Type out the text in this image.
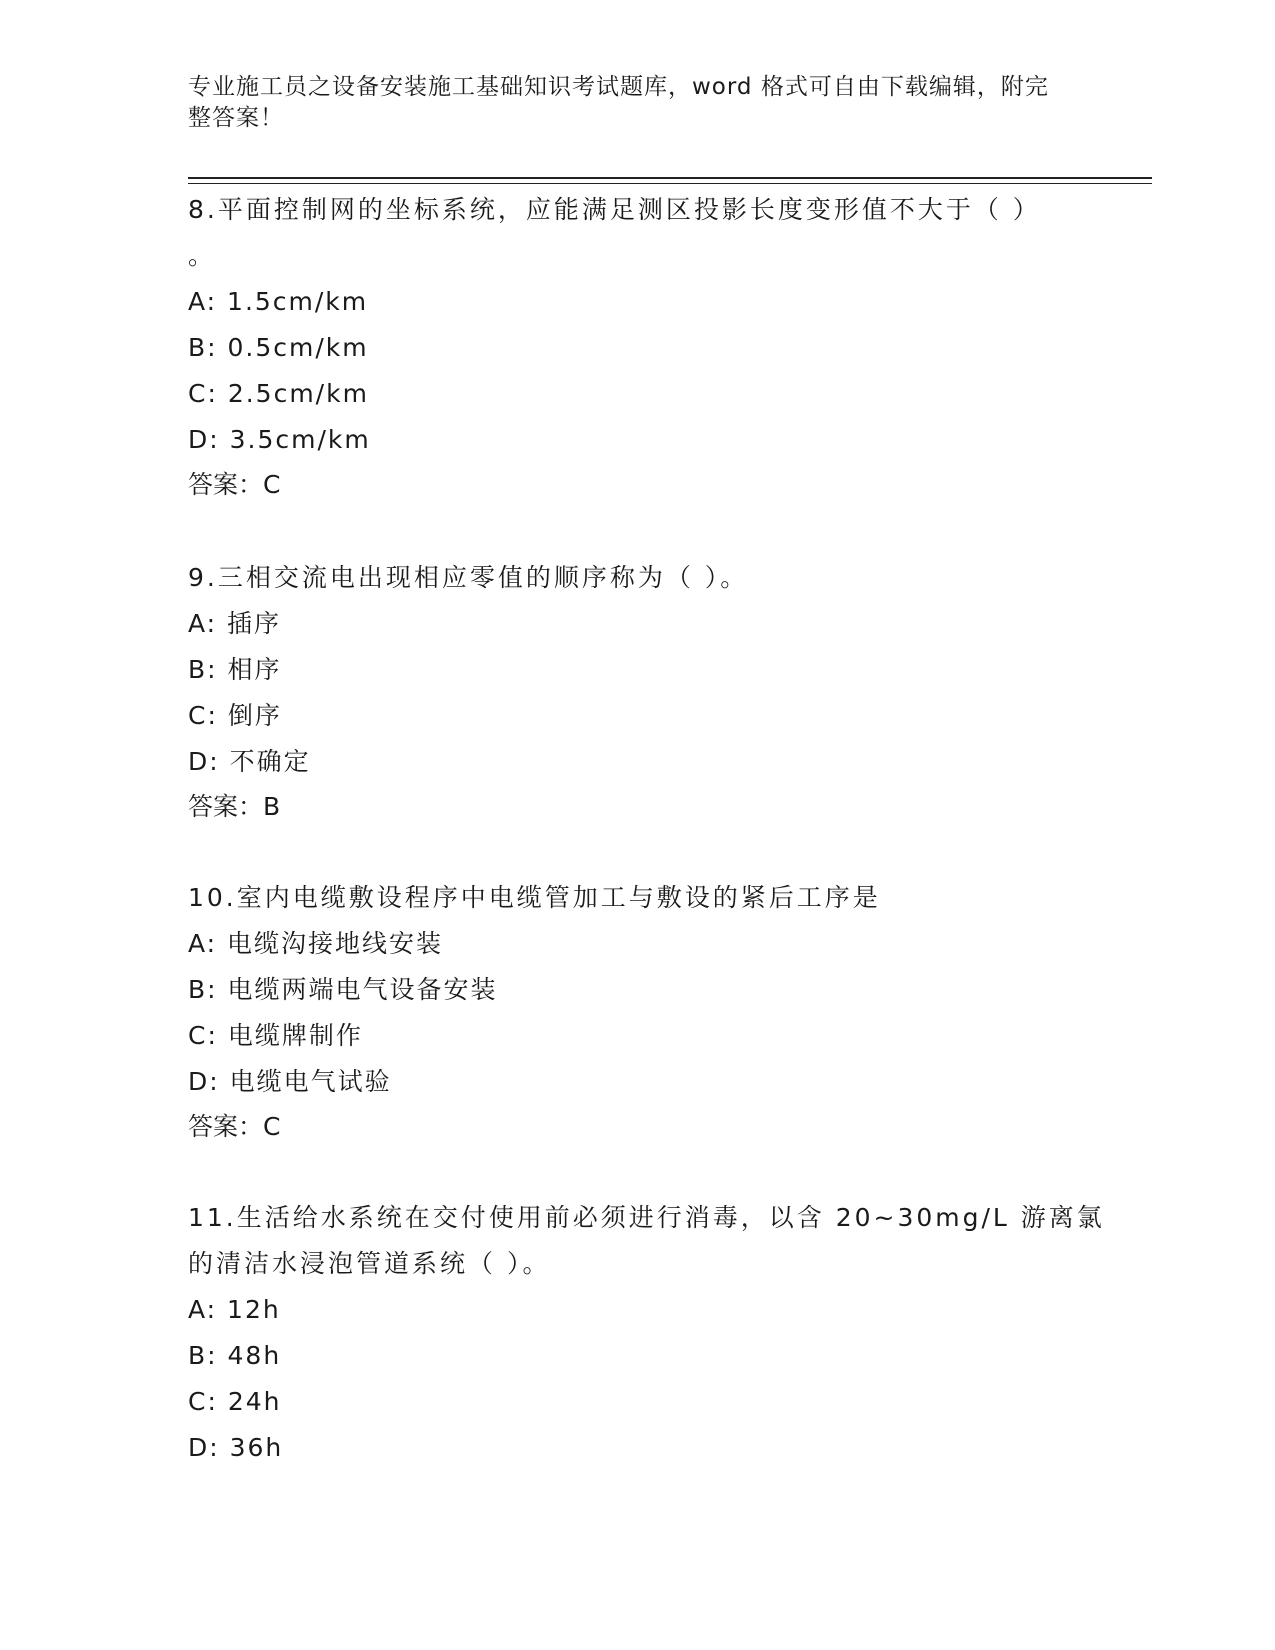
专业施工员之设备安装施工基础知识考试题库，word 格式可自由下载编辑，附完
整答案！
8.平面控制网的坐标系统，应能满足测区投影长度变形值不大于（ ）
。
A: 1.5cm/km
B: 0.5cm/km
C: 2.5cm/km
D: 3.5cm/km
答案：C
9.三相交流电出现相应零值的顺序称为（ ）。
A: 插序
B: 相序
C: 倒序
D: 不确定
答案：B
10.室内电缆敷设程序中电缆管加工与敷设的紧后工序是
A: 电缆沟接地线安装
B: 电缆两端电气设备安装
C: 电缆牌制作
D: 电缆电气试验
答案：C
11.生活给水系统在交付使用前必须进行消毒，以含 20~30mg/L 游离氯
的清洁水浸泡管道系统（ ）。
A: 12h
B: 48h
C: 24h
D: 36h
